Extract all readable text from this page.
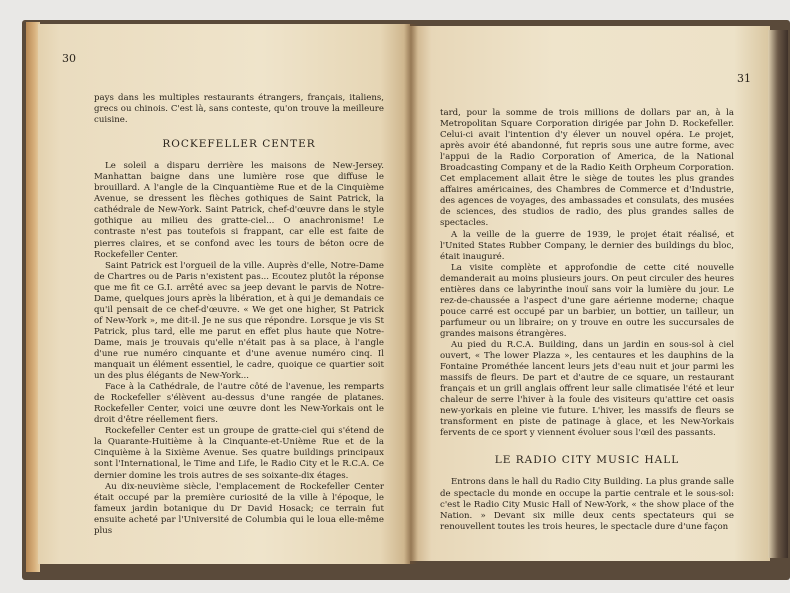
30
31

pays dans les multiples restaurants étrangers, français, italiens, grecs ou chinois. C'est là, sans conteste, qu'on trouve la meilleure cuisine.

ROCKEFELLER CENTER

Le soleil a disparu derrière les maisons de New-Jersey. Manhattan baigne dans une lumière rose que diffuse le brouillard. A l'angle de la Cinquantième Rue et de la Cinquième Avenue, se dressent les flèches gothiques de Saint Patrick, la cathédrale de New-York. Saint Patrick, chef-d'œuvre dans le style gothique au milieu des gratte-ciel... O anachronisme! Le contraste n'est pas toutefois si frappant, car elle est faite de pierres claires, et se confond avec les tours de béton ocre de Rockefeller Center.

Saint Patrick est l'orgueil de la ville. Auprès d'elle, Notre-Dame de Chartres ou de Paris n'existent pas... Ecoutez plutôt la réponse que me fit ce G.I. arrêté avec sa jeep devant le parvis de Notre-Dame, quelques jours après la libération, et à qui je demandais ce qu'il pensait de ce chef-d'œuvre. « We get one higher, St Patrick of New-York », me dit-il. Je ne sus que répondre. Lorsque je vis St Patrick, plus tard, elle me parut en effet plus haute que Notre-Dame, mais je trouvais qu'elle n'était pas à sa place, à l'angle d'une rue numéro cinquante et d'une avenue numéro cinq. Il manquait un élément essentiel, le cadre, quoique ce quartier soit un des plus élégants de New-York...

Face à la Cathédrale, de l'autre côté de l'avenue, les remparts de Rockefeller s'élèvent au-dessus d'une rangée de platanes. Rockefeller Center, voici une œuvre dont les New-Yorkais ont le droit d'être réellement fiers.

Rockefeller Center est un groupe de gratte-ciel qui s'étend de la Quarante-Huitième à la Cinquante-et-Unième Rue et de la Cinquième à la Sixième Avenue. Ses quatre buildings principaux sont l'International, le Time and Life, le Radio City et le R.C.A. Ce dernier domine les trois autres de ses soixante-dix étages.

Au dix-neuvième siècle, l'emplacement de Rockefeller Center était occupé par la première curiosité de la ville à l'époque, le fameux jardin botanique du Dr David Hosack; ce terrain fut ensuite acheté par l'Université de Columbia qui le loua elle-même plus

tard, pour la somme de trois millions de dollars par an, à la Metropolitan Square Corporation dirigée par John D. Rockefeller. Celui-ci avait l'intention d'y élever un nouvel opéra. Le projet, après avoir été abandonné, fut repris sous une autre forme, avec l'appui de la Radio Corporation of America, de la National Broadcasting Company et de la Radio Keith Orpheum Corporation. Cet emplacement allait être le siège de toutes les plus grandes affaires américaines, des Chambres de Commerce et d'Industrie, des agences de voyages, des ambassades et consulats, des musées de sciences, des studios de radio, des plus grandes salles de spectacles.

A la veille de la guerre de 1939, le projet était réalisé, et l'United States Rubber Company, le dernier des buildings du bloc, était inauguré.

La visite complète et approfondie de cette cité nouvelle demanderait au moins plusieurs jours. On peut circuler des heures entières dans ce labyrinthe inouï sans voir la lumière du jour. Le rez-de-chaussée a l'aspect d'une gare aérienne moderne; chaque pouce carré est occupé par un barbier, un bottier, un tailleur, un parfumeur ou un libraire; on y trouve en outre les succursales de grandes maisons étrangères.

Au pied du R.C.A. Building, dans un jardin en sous-sol à ciel ouvert, « The lower Plazza », les centaures et les dauphins de la Fontaine Prométhée lancent leurs jets d'eau nuit et jour parmi les massifs de fleurs. De part et d'autre de ce square, un restaurant français et un grill anglais offrent leur salle climatisée l'été et leur chaleur de serre l'hiver à la foule des visiteurs qu'attire cet oasis new-yorkais en pleine vie future. L'hiver, les massifs de fleurs se transforment en piste de patinage à glace, et les New-Yorkais fervents de ce sport y viennent évoluer sous l'œil des passants.

LE RADIO CITY MUSIC HALL

Entrons dans le hall du Radio City Building. La plus grande salle de spectacle du monde en occupe la partie centrale et le sous-sol: c'est le Radio City Music Hall of New-York, « the show place of the Nation. » Devant six mille deux cents spectateurs qui se renouvellent toutes les trois heures, le spectacle dure d'une façon
